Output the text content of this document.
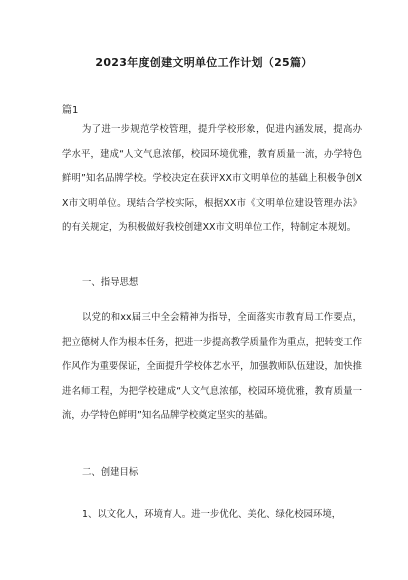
2023年度创建文明单位工作计划（25篇）
篇1

为了进一步规范学校管理，提升学校形象，促进内涵发展，提高办学水平，建成“人文气息浓郁，校园环境优雅，教育质量一流，办学特色鲜明”知名品牌学校。学校决定在获评XX市文明单位的基础上积极争创XX市文明单位。现结合学校实际，根据XX市《文明单位建设管理办法》的有关规定，为积极做好我校创建XX市文明单位工作，特制定本规划。

一、指导思想

以党的和xx届三中全会精神为指导，全面落实市教育局工作要点，把立德树人作为根本任务，把进一步提高教学质量作为重点，把转变工作作风作为重要保证，全面提升学校体艺水平，加强教师队伍建设，加快推进名师工程，为把学校建成“人文气息浓郁，校园环境优雅，教育质量一流，办学特色鲜明”知名品牌学校奠定坚实的基础。

二、创建目标
1、以文化人，环境育人。进一步优化、美化、绿化校园环境，
